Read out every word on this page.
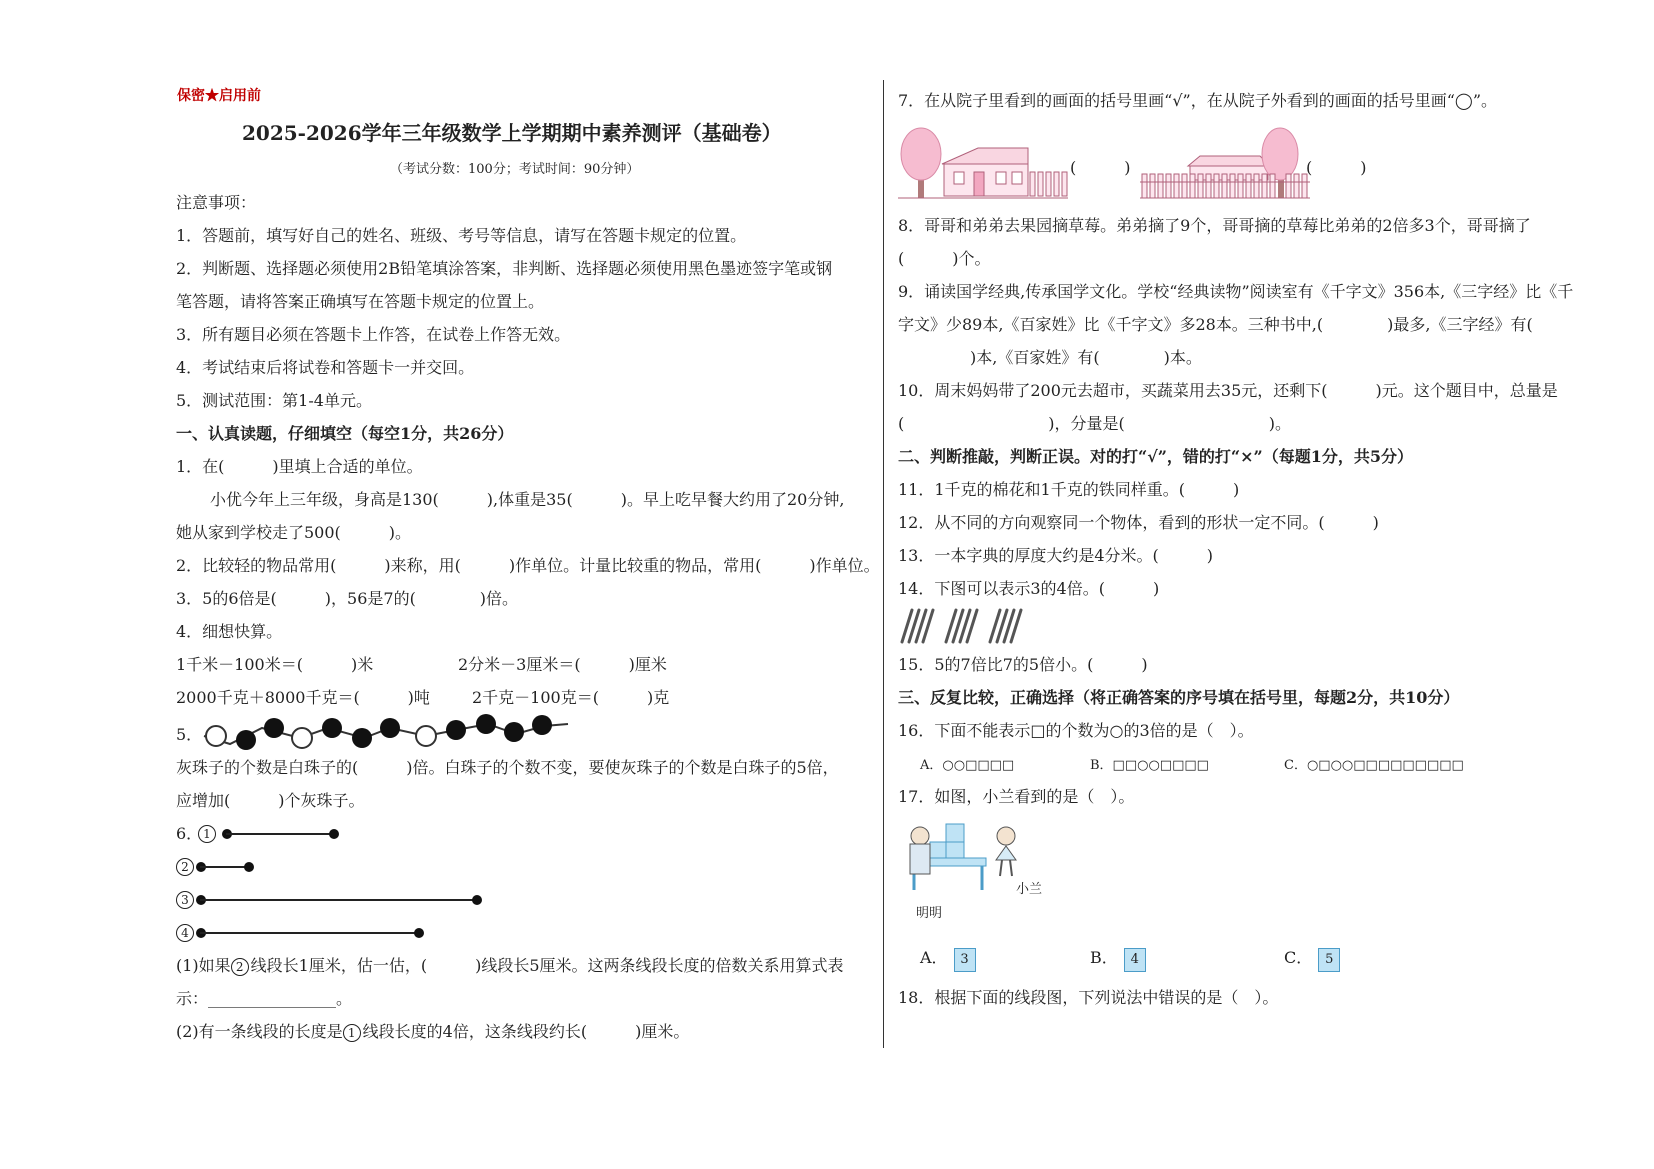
保密★启用前
2025-2026学年三年级数学上学期期中素养测评（基础卷）
（考试分数：100分；考试时间：90分钟）
注意事项：
1．答题前，填写好自己的姓名、班级、考号等信息，请写在答题卡规定的位置。
2．判断题、选择题必须使用2B铅笔填涂答案，非判断、选择题必须使用黑色墨迹签字笔或钢
笔答题，请将答案正确填写在答题卡规定的位置上。
3．所有题目必须在答题卡上作答，在试卷上作答无效。
4．考试结束后将试卷和答题卡一并交回。
5．测试范围：第1-4单元。
一、认真读题，仔细填空（每空1分，共26分）
1．在(　　　)里填上合适的单位。
小优今年上三年级，身高是130(　　　),体重是35(　　　)。早上吃早餐大约用了20分钟,
她从家到学校走了500(　　　)。
2．比较轻的物品常用(　　　)来称，用(　　　)作单位。计量比较重的物品，常用(　　　)作单位。
3．5的6倍是(　　　)，56是7的(　　　　)倍。
4．细想快算。
1千米－100米＝(　　　)米	2分米－3厘米＝(　　　)厘米
2000千克＋8000千克＝(　　　)吨	2千克－100克＝(　　　)克
5．
灰珠子的个数是白珠子的(　　　)倍。白珠子的个数不变，要使灰珠子的个数是白珠子的5倍，
应增加(　　　)个灰珠子。
6． 1
2
3
4
(1)如果 2 线段长1厘米，估一估，(　　　)线段长5厘米。这两条线段长度的倍数关系用算式表
示：________________。
(2)有一条线段的长度是 1 线段长度的4倍，这条线段约长(　　　)厘米。
7．在从院子里看到的画面的括号里画“√”，在从院子外看到的画面的括号里画“◯”。
(　　　)	(　　　)
8．哥哥和弟弟去果园摘草莓。弟弟摘了9个，哥哥摘的草莓比弟弟的2倍多3个，哥哥摘了
(　　　)个。
9．诵读国学经典,传承国学文化。学校“经典读物”阅读室有《千字文》356本,《三字经》比《千
字文》少89本,《百家姓》比《千字文》多28本。三种书中,(　　　　)最多,《三字经》有(
)本,《百家姓》有(　　　　)本。
10．周末妈妈带了200元去超市，买蔬菜用去35元，还剩下(　　　)元。这个题目中，总量是
(　　　　　　　　　)，分量是(　　　　　　　　　)。
二、判断推敲，判断正误。对的打“√”，错的打“×”（每题1分，共5分）
11．1千克的棉花和1千克的铁同样重。(　　　)
12．从不同的方向观察同一个物体，看到的形状一定不同。(　　　)
13．一本字典的厚度大约是4分米。(　　　)
14．下图可以表示3的4倍。(　　　)
15．5的7倍比7的5倍小。(　　　)
三、反复比较，正确选择（将正确答案的序号填在括号里，每题2分，共10分）
16．下面不能表示□的个数为○的3倍的是（　）。
A．○○□□□□	B．□□○○□□□□	C．○□○○□□□□□□□□□
17．如图，小兰看到的是（　）。
明明
小兰
A． 3	B． 4	C． 5
18．根据下面的线段图，下列说法中错误的是（　）。
